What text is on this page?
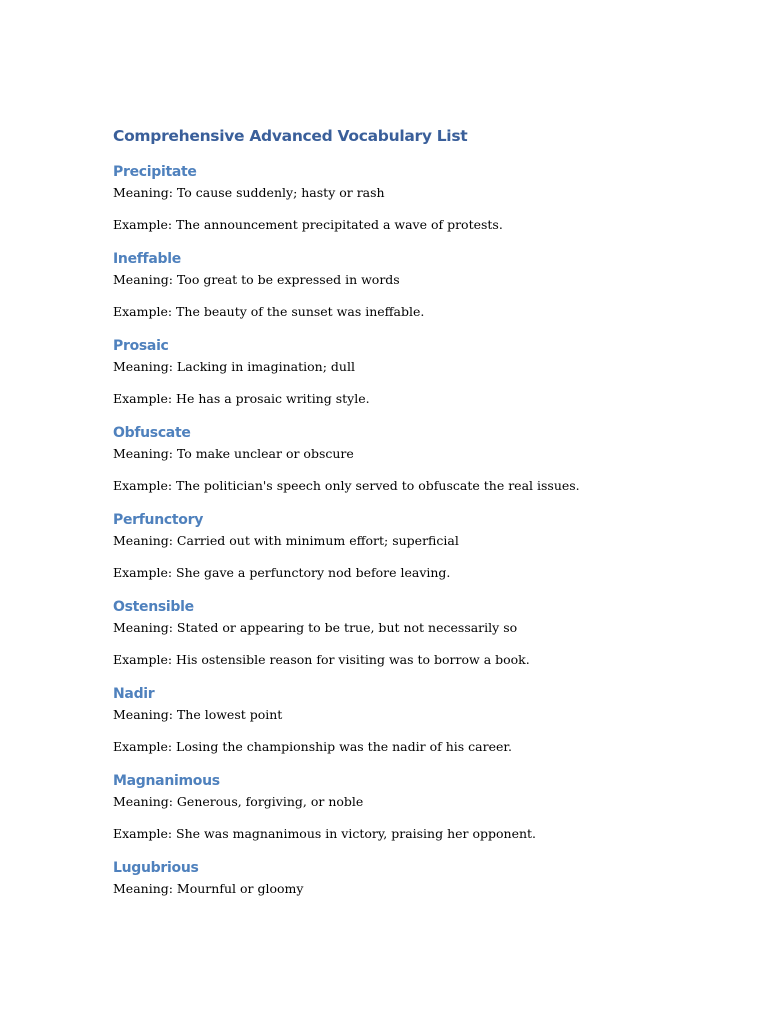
Comprehensive Advanced Vocabulary List
Precipitate

Meaning: To cause suddenly; hasty or rash

Example: The announcement precipitated a wave of protests.

Ineffable

Meaning: Too great to be expressed in words

Example: The beauty of the sunset was ineffable.

Prosaic

Meaning: Lacking in imagination; dull

Example: He has a prosaic writing style.

Obfuscate

Meaning: To make unclear or obscure

Example: The politician's speech only served to obfuscate the real issues.

Perfunctory

Meaning: Carried out with minimum effort; superficial

Example: She gave a perfunctory nod before leaving.

Ostensible

Meaning: Stated or appearing to be true, but not necessarily so

Example: His ostensible reason for visiting was to borrow a book.

Nadir

Meaning: The lowest point

Example: Losing the championship was the nadir of his career.

Magnanimous

Meaning: Generous, forgiving, or noble

Example: She was magnanimous in victory, praising her opponent.

Lugubrious

Meaning: Mournful or gloomy
